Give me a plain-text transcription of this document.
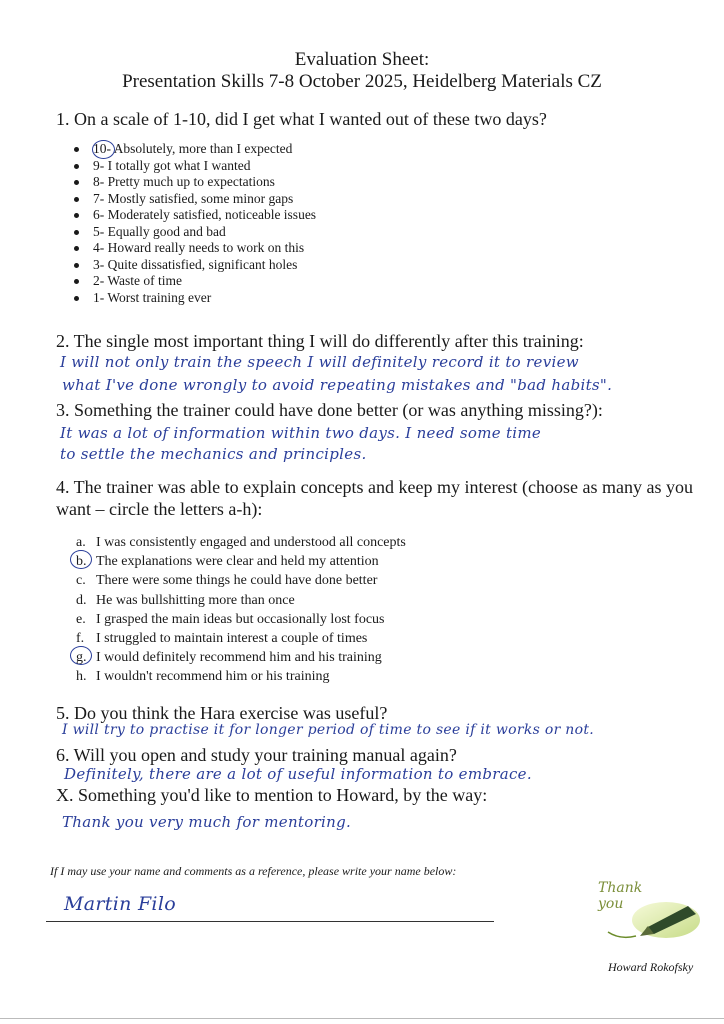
Evaluation Sheet:
Presentation Skills 7-8 October 2025, Heidelberg Materials CZ
1. On a scale of 1-10, did I get what I wanted out of these two days?
10- Absolutely, more than I expected
9- I totally got what I wanted
8- Pretty much up to expectations
7- Mostly satisfied, some minor gaps
6- Moderately satisfied, noticeable issues
5- Equally good and bad
4- Howard really needs to work on this
3- Quite dissatisfied, significant holes
2- Waste of time
1- Worst training ever
2. The single most important thing I will do differently after this training:
I will not only train the speech I will definitely record it to review
what I've done wrongly to avoid repeating mistakes and "bad habits".
3. Something the trainer could have done better (or was anything missing?):
It was a lot of information within two days. I need some time
to settle the mechanics and principles.
4. The trainer was able to explain concepts and keep my interest (choose as many as you want – circle the letters a-h):
a. I was consistently engaged and understood all concepts
b. The explanations were clear and held my attention
c. There were some things he could have done better
d. He was bullshitting more than once
e. I grasped the main ideas but occasionally lost focus
f. I struggled to maintain interest a couple of times
g. I would definitely recommend him and his training
h. I wouldn't recommend him or his training
5. Do you think the Hara exercise was useful?
I will try to practise it for longer period of time to see if it works or not.
6. Will you open and study your training manual again?
Definitely, there are a lot of useful information to embrace.
X. Something you'd like to mention to Howard, by the way:
Thank you very much for mentoring.
If I may use your name and comments as a reference, please write your name below:
Martin Filo
Thank you
Howard Rokofsky
